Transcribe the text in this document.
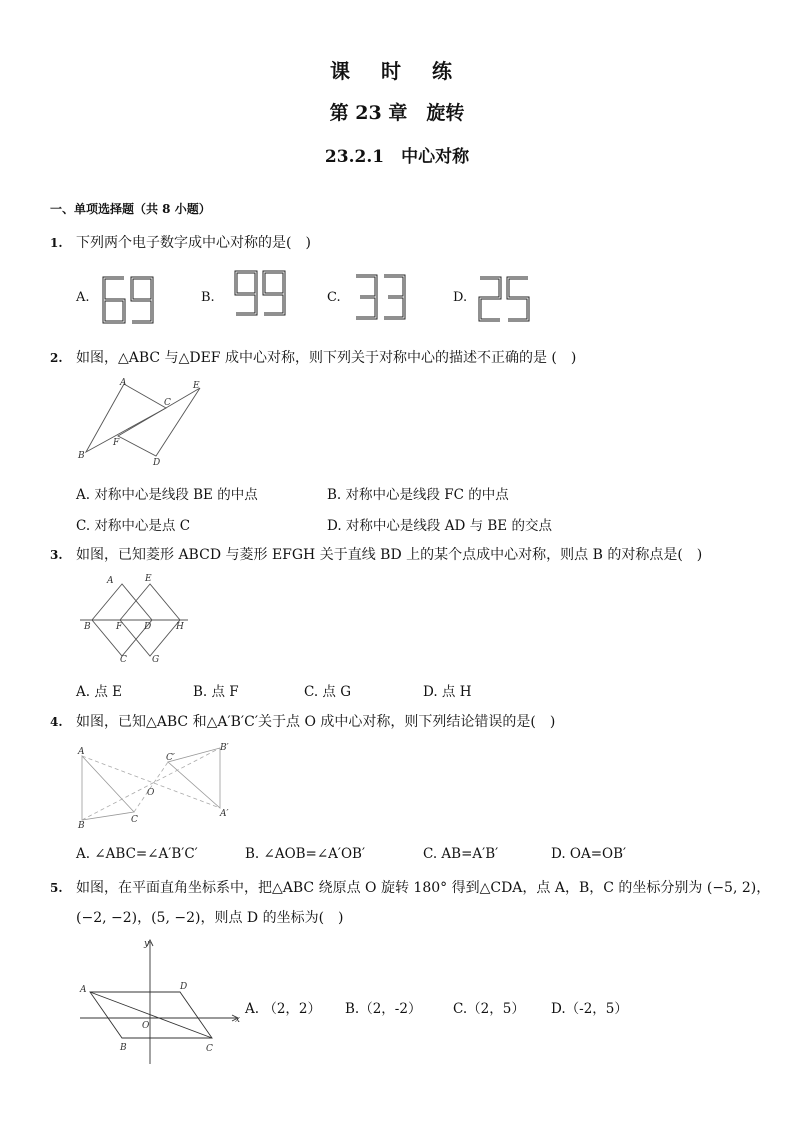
课 时 练
第 23 章　旋转
23.2.1　中心对称
一、单项选择题（共 8 小题）
1. 下列两个电子数字成中心对称的是(　)
A.	B.	C.	D.
2. 如图，△ABC 与△DEF 成中心对称，则下列关于对称中心的描述不正确的是 (　)
A	E
C
F
B
D
A. 对称中心是线段 BE 的中点	B. 对称中心是线段 FC 的中点
C. 对称中心是点 C	D. 对称中心是线段 AD 与 BE 的交点
3. 如图，已知菱形 ABCD 与菱形 EFGH 关于直线 BD 上的某个点成中心对称，则点 B 的对称点是(　)
A	E
B	F D	H
C	G
A. 点 E	B. 点 F	C. 点 G	D. 点 H
4. 如图，已知△ABC 和△A′B′C′关于点 O 成中心对称，则下列结论错误的是(　)
A
C′
B′
O
C
A′
B
A. ∠ABC=∠A′B′C′	B. ∠AOB=∠A′OB′	C. AB=A′B′	D. OA=OB′
5. 如图，在平面直角坐标系中，把△ABC 绕原点 O 旋转 180° 得到△CDA，点 A，B，C 的坐标分别为 (−5, 2)，
(−2, −2)，(5, −2)，则点 D 的坐标为(　)
y
A	D
O
x
B	C
A. （2，2） B.（2，-2） C.（2，5） D.（-2，5）
